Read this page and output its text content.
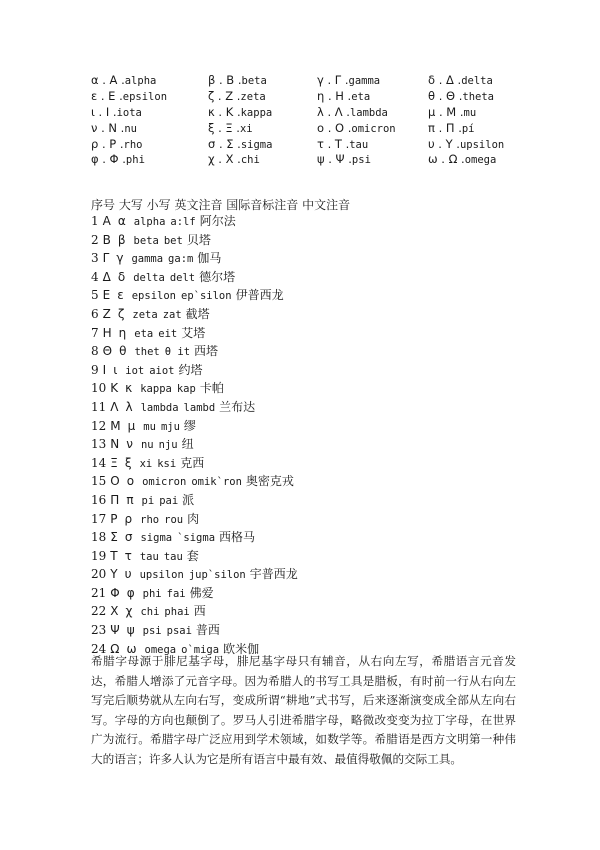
α . Α .alpha	β . Β .beta	γ . Γ .gamma	δ . Δ .delta
ε . Ε .epsilon	ζ . Ζ .zeta	η . Η .eta	θ . Θ .theta
ι . Ι .iota	κ . Κ .kappa	λ . Λ .lambda	μ . Μ .mu
ν . Ν .nu	ξ . Ξ .xi	ο . Ο .omicron	π . Π .pí
ρ . Ρ .rho	σ . Σ .sigma	τ . Τ .tau	υ . Υ .upsilon
φ . Φ .phi	χ . Χ .chi	ψ . Ψ .psi	ω . Ω .omega
序号 大写 小写 英文注音 国际音标注音 中文注音
1 Α α alpha a:lf 阿尔法
2 Β β beta bet 贝塔
3 Γ γ gamma ga:m 伽马
4 Δ δ delta delt 德尔塔
5 Ε ε epsilon ep`silon 伊普西龙
6 Ζ ζ zeta zat 截塔
7 Η η eta eit 艾塔
8 Θ θ thet θ it 西塔
9 Ι ι iot aiot 约塔
10 Κ κ kappa kap 卡帕
11 Λ λ lambda lambd 兰布达
12 Μ μ mu mju 缪
13 Ν ν nu nju 纽
14 Ξ ξ xi ksi 克西
15 Ο ο omicron omik`ron 奥密克戎
16 Π π pi pai 派
17 Ρ ρ rho rou 肉
18 Σ σ sigma `sigma 西格马
19 Τ τ tau tau 套
20 Υ υ upsilon jup`silon 宇普西龙
21 Φ φ phi fai 佛爱
22 Χ χ chi phai 西
23 Ψ ψ psi psai 普西
24 Ω ω omega o`miga 欧米伽
希腊字母源于腓尼基字母，腓尼基字母只有辅音，从右向左写，希腊语言元音发达，希腊人增添了元音字母。因为希腊人的书写工具是腊板，有时前一行从右向左写完后顺势就从左向右写，变成所谓“耕地”式书写，后来逐渐演变成全部从左向右写。字母的方向也颠倒了。罗马人引进希腊字母，略微改变变为拉丁字母，在世界广为流行。希腊字母广泛应用到学术领域，如数学等。希腊语是西方文明第一种伟大的语言；许多人认为它是所有语言中最有效、最值得敬佩的交际工具。
